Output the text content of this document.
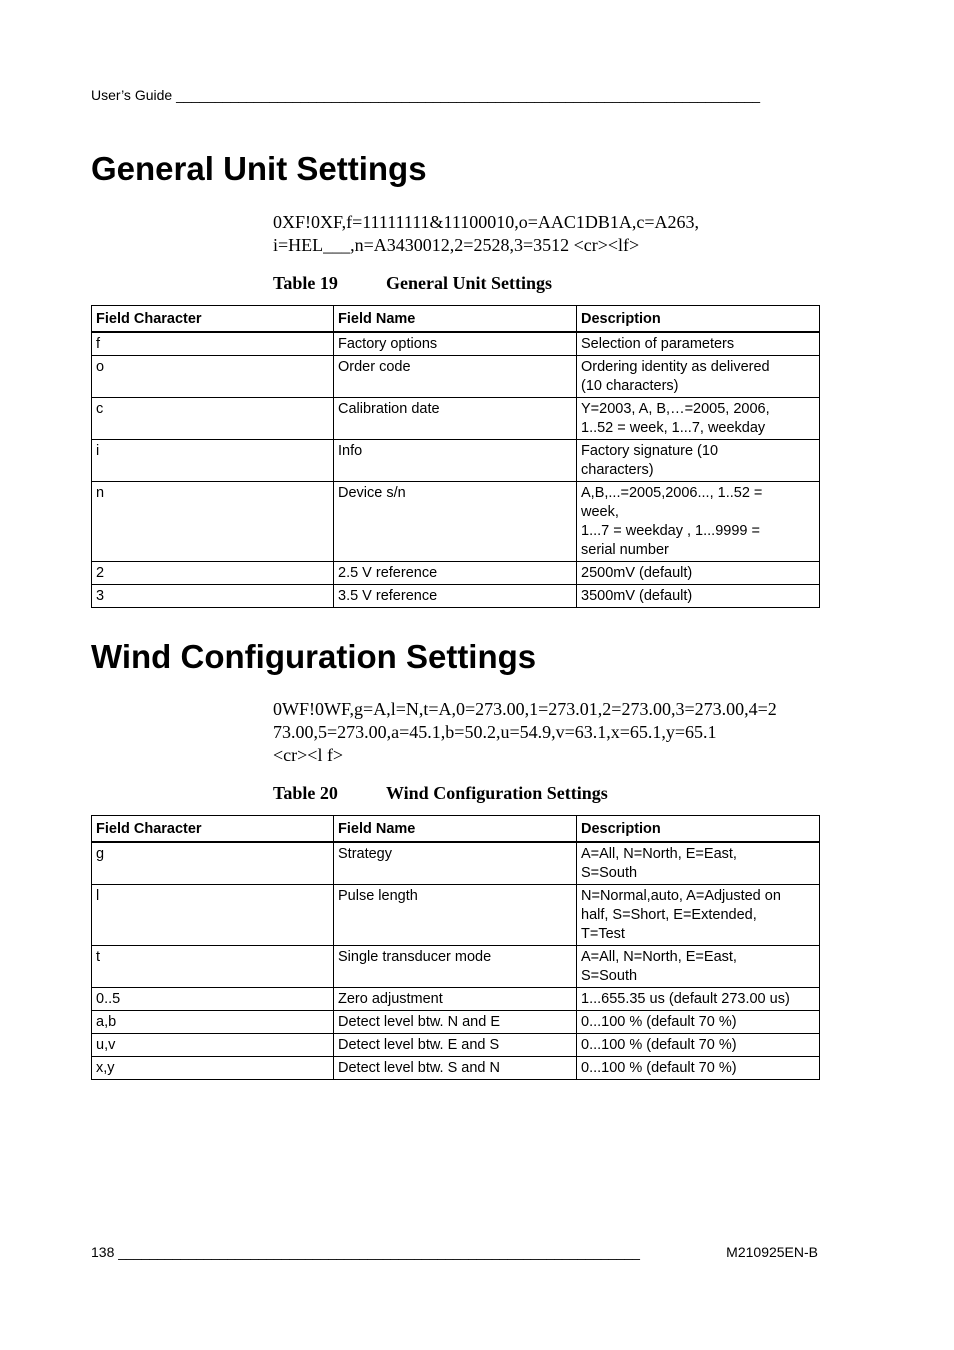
User’s Guide ___________________________________________________________________________
General Unit Settings
0XF!0XF,f=11111111&11100010,o=AAC1DB1A,c=A263,
i=HEL___,n=A3430012,2=2528,3=3512 <cr><lf>
Table 19	General Unit Settings
Field Character	Field Name	Description
f	Factory options	Selection of parameters
o	Order code	Ordering identity as delivered
(10 characters)
c	Calibration date	Y=2003, A, B,…=2005, 2006,
1..52 = week, 1...7, weekday
i	Info	Factory signature (10
characters)
n	Device s/n	A,B,...=2005,2006..., 1..52 =
week,
1...7 = weekday , 1...9999 =
serial number
2	2.5 V reference	2500mV (default)
3	3.5 V reference	3500mV (default)
Wind Configuration Settings
0WF!0WF,g=A,l=N,t=A,0=273.00,1=273.01,2=273.00,3=273.00,4=2
73.00,5=273.00,a=45.1,b=50.2,u=54.9,v=63.1,x=65.1,y=65.1
<cr><l f>
Table 20	Wind Configuration Settings
Field Character	Field Name	Description
g	Strategy	A=All, N=North, E=East,
S=South
l	Pulse length	N=Normal,auto, A=Adjusted on
half, S=Short, E=Extended,
T=Test
t	Single transducer mode	A=All, N=North, E=East,
S=South
0..5	Zero adjustment	1...655.35 us (default 273.00 us)
a,b	Detect level btw. N and E	0...100 % (default 70 %)
u,v	Detect level btw. E and S	0...100 % (default 70 %)
x,y	Detect level btw. S and N	0...100 % (default 70 %)
138 ___________________________________________________________________	M210925EN-B
